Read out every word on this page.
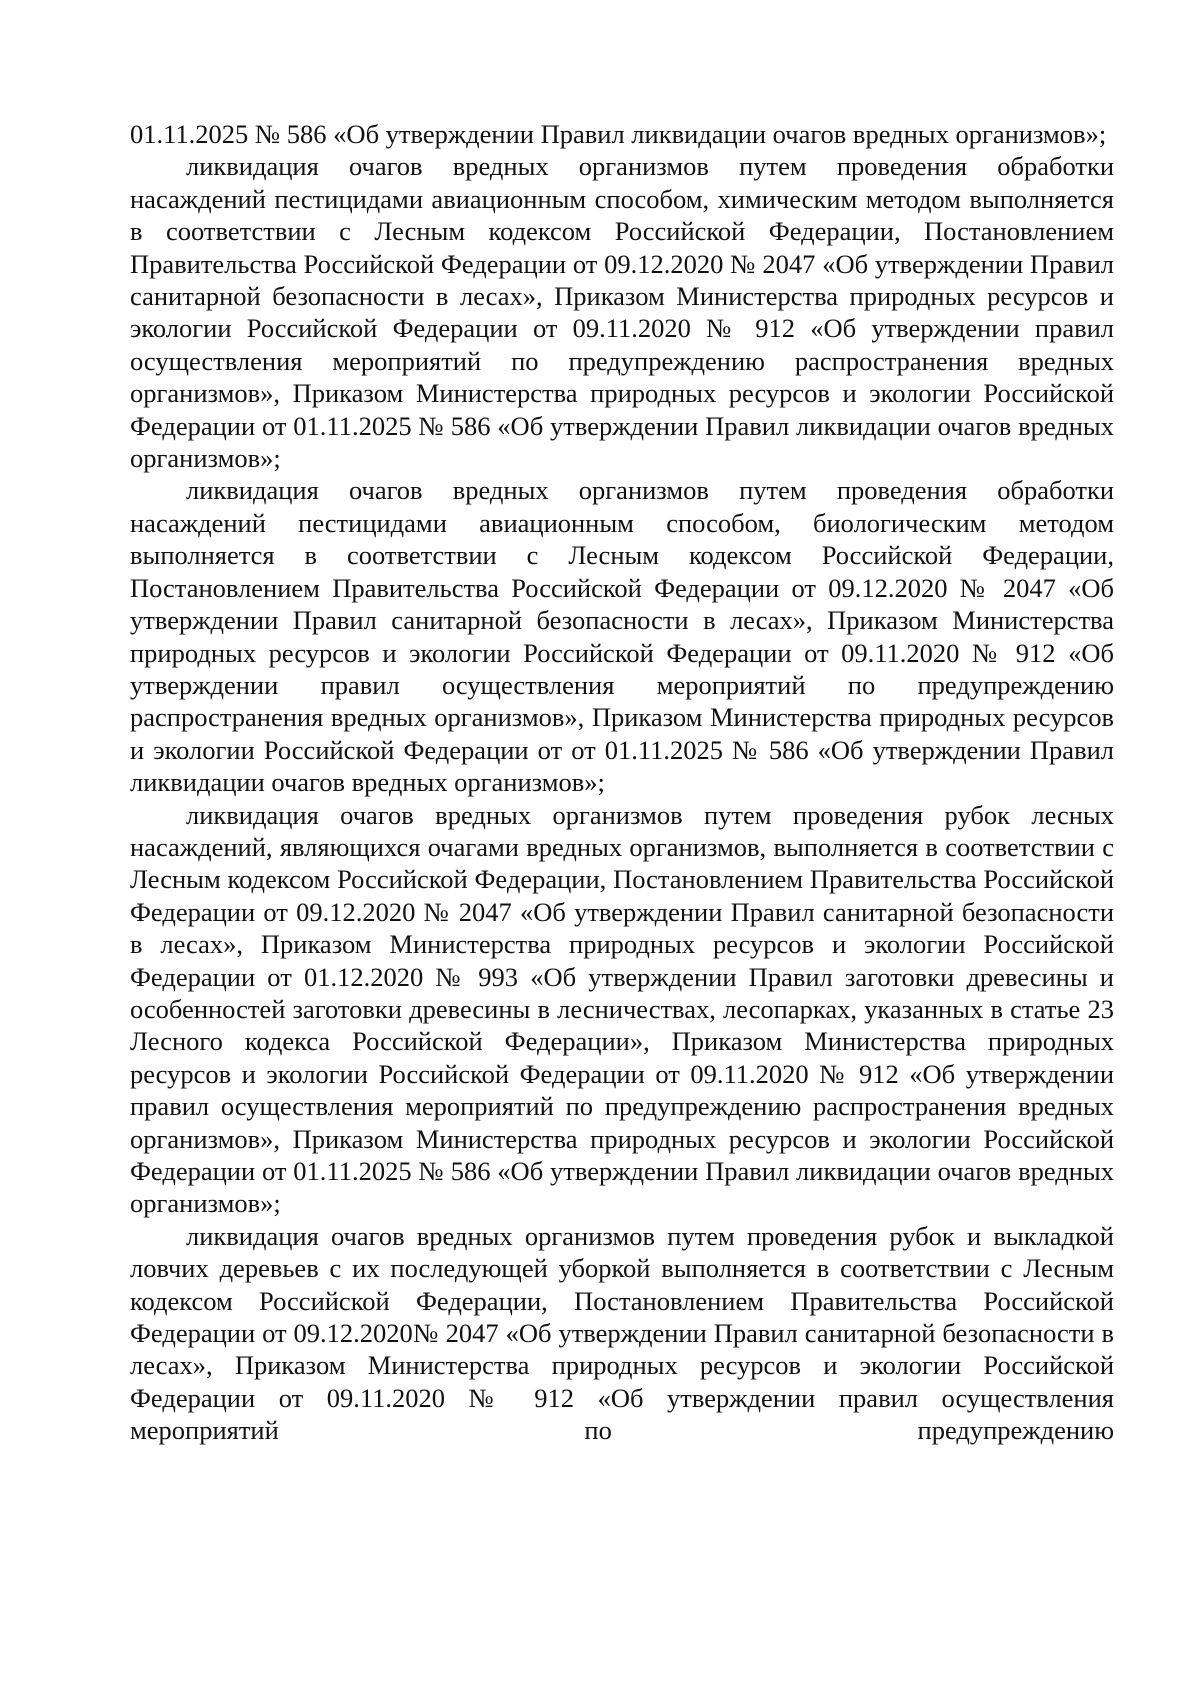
01.11.2025 № 586 «Об утверждении Правил ликвидации очагов вредных организмов»;

ликвидация очагов вредных организмов путем проведения обработки насаждений пестицидами авиационным способом, химическим методом выполняется в соответствии с Лесным кодексом Российской Федерации, Постановлением Правительства Российской Федерации от 09.12.2020 № 2047 «Об утверждении Правил санитарной безопасности в лесах», Приказом Министерства природных ресурсов и экологии Российской Федерации от 09.11.2020 № 912 «Об утверждении правил осуществления мероприятий по предупреждению распространения вредных организмов», Приказом Министерства природных ресурсов и экологии Российской Федерации от 01.11.2025 № 586 «Об утверждении Правил ликвидации очагов вредных организмов»;

ликвидация очагов вредных организмов путем проведения обработки насаждений пестицидами авиационным способом, биологическим методом выполняется в соответствии с Лесным кодексом Российской Федерации, Постановлением Правительства Российской Федерации от 09.12.2020 № 2047 «Об утверждении Правил санитарной безопасности в лесах», Приказом Министерства природных ресурсов и экологии Российской Федерации от 09.11.2020 № 912 «Об утверждении правил осуществления мероприятий по предупреждению распространения вредных организмов», Приказом Министерства природных ресурсов и экологии Российской Федерации от от 01.11.2025 № 586 «Об утверждении Правил ликвидации очагов вредных организмов»;

ликвидация очагов вредных организмов путем проведения рубок лесных насаждений, являющихся очагами вредных организмов, выполняется в соответствии с Лесным кодексом Российской Федерации, Постановлением Правительства Российской Федерации от 09.12.2020 № 2047 «Об утверждении Правил санитарной безопасности в лесах», Приказом Министерства природных ресурсов и экологии Российской Федерации от 01.12.2020 № 993 «Об утверждении Правил заготовки древесины и особенностей заготовки древесины в лесничествах, лесопарках, указанных в статье 23 Лесного кодекса Российской Федерации», Приказом Министерства природных ресурсов и экологии Российской Федерации от 09.11.2020 № 912 «Об утверждении правил осуществления мероприятий по предупреждению распространения вредных организмов», Приказом Министерства природных ресурсов и экологии Российской Федерации от 01.11.2025 № 586 «Об утверждении Правил ликвидации очагов вредных организмов»;

ликвидация очагов вредных организмов путем проведения рубок и выкладкой ловчих деревьев с их последующей уборкой выполняется в соответствии с Лесным кодексом Российской Федерации, Постановлением Правительства Российской Федерации от 09.12.2020№ 2047 «Об утверждении Правил санитарной безопасности в лесах», Приказом Министерства природных ресурсов и экологии Российской Федерации от 09.11.2020 № 912 «Об утверждении правил осуществления мероприятий по предупреждению
